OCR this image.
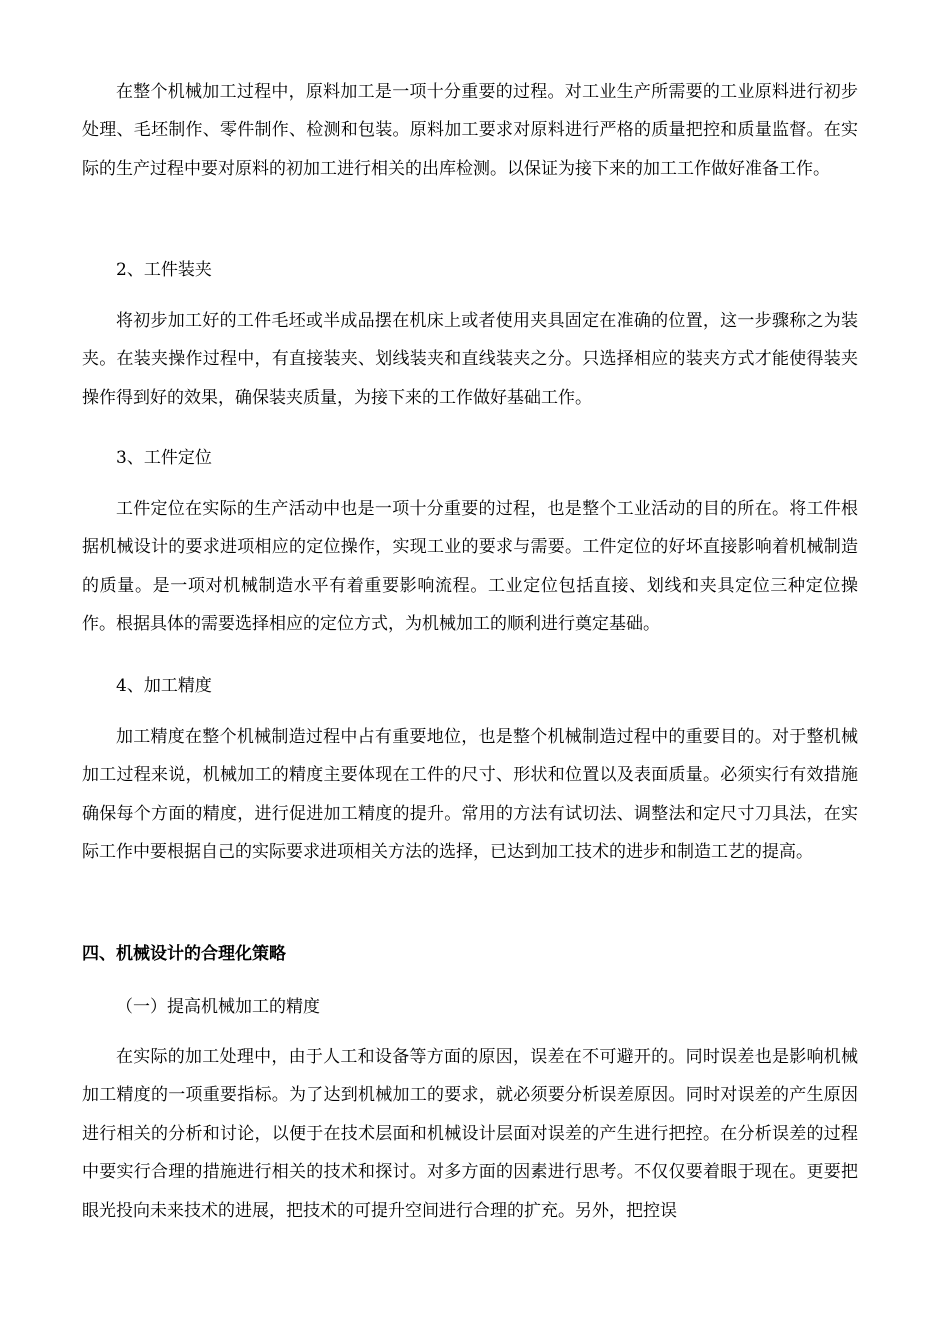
在整个机械加工过程中，原料加工是一项十分重要的过程。对工业生产所需要的工业原料进行初步处理、毛坯制作、零件制作、检测和包装。原料加工要求对原料进行严格的质量把控和质量监督。在实际的生产过程中要对原料的初加工进行相关的出库检测。以保证为接下来的加工工作做好准备工作。

2、工件装夹

将初步加工好的工件毛坯或半成品摆在机床上或者使用夹具固定在准确的位置，这一步骤称之为装夹。在装夹操作过程中，有直接装夹、划线装夹和直线装夹之分。只选择相应的装夹方式才能使得装夹操作得到好的效果，确保装夹质量，为接下来的工作做好基础工作。

3、工件定位

工件定位在实际的生产活动中也是一项十分重要的过程，也是整个工业活动的目的所在。将工件根据机械设计的要求进项相应的定位操作，实现工业的要求与需要。工件定位的好坏直接影响着机械制造的质量。是一项对机械制造水平有着重要影响流程。工业定位包括直接、划线和夹具定位三种定位操作。根据具体的需要选择相应的定位方式，为机械加工的顺利进行奠定基础。

4、加工精度

加工精度在整个机械制造过程中占有重要地位，也是整个机械制造过程中的重要目的。对于整机械加工过程来说，机械加工的精度主要体现在工件的尺寸、形状和位置以及表面质量。必须实行有效措施确保每个方面的精度，进行促进加工精度的提升。常用的方法有试切法、调整法和定尺寸刀具法，在实际工作中要根据自己的实际要求进项相关方法的选择，已达到加工技术的进步和制造工艺的提高。

四、机械设计的合理化策略

（一）提高机械加工的精度

在实际的加工处理中，由于人工和设备等方面的原因，误差在不可避开的。同时误差也是影响机械加工精度的一项重要指标。为了达到机械加工的要求，就必须要分析误差原因。同时对误差的产生原因进行相关的分析和讨论，以便于在技术层面和机械设计层面对误差的产生进行把控。在分析误差的过程中要实行合理的措施进行相关的技术和探讨。对多方面的因素进行思考。不仅仅要着眼于现在。更要把眼光投向未来技术的进展，把技术的可提升空间进行合理的扩充。另外，把控误
